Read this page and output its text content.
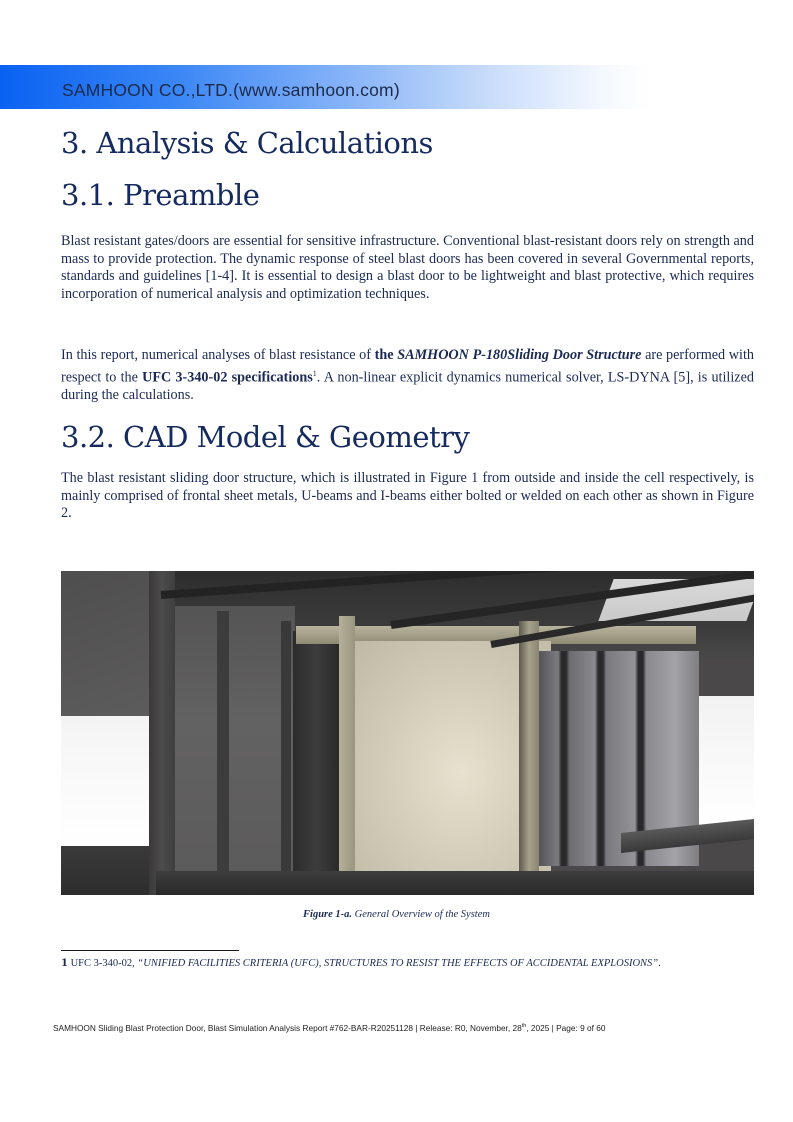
SAMHOON CO.,LTD.(www.samhoon.com)
3. Analysis & Calculations
3.1. Preamble

Blast resistant gates/doors are essential for sensitive infrastructure. Conventional blast-resistant doors rely on strength and mass to provide protection. The dynamic response of steel blast doors has been covered in several Governmental reports, standards and guidelines [1-4]. It is essential to design a blast door to be lightweight and blast protective, which requires incorporation of numerical analysis and optimization techniques.

In this report, numerical analyses of blast resistance of the SAMHOON P-180Sliding Door Structure are performed with respect to the UFC 3-340-02 specifications$^1$. A non-linear explicit dynamics numerical solver, LS-DYNA [5], is utilized during the calculations.

3.2. CAD Model & Geometry

The blast resistant sliding door structure, which is illustrated in Figure 1 from outside and inside the cell respectively, is mainly comprised of frontal sheet metals, U-beams and I-beams either bolted or welded on each other as shown in Figure 2.

Figure 1-a. General Overview of the System
1 UFC 3-340-02, “UNIFIED FACILITIES CRITERIA (UFC), STRUCTURES TO RESIST THE EFFECTS OF ACCIDENTAL EXPLOSIONS”.
SAMHOON Sliding Blast Protection Door, Blast Simulation Analysis Report #762-BAR-R20251128 | Release: R0, November, 28th, 2025 | Page: 9 of 60
